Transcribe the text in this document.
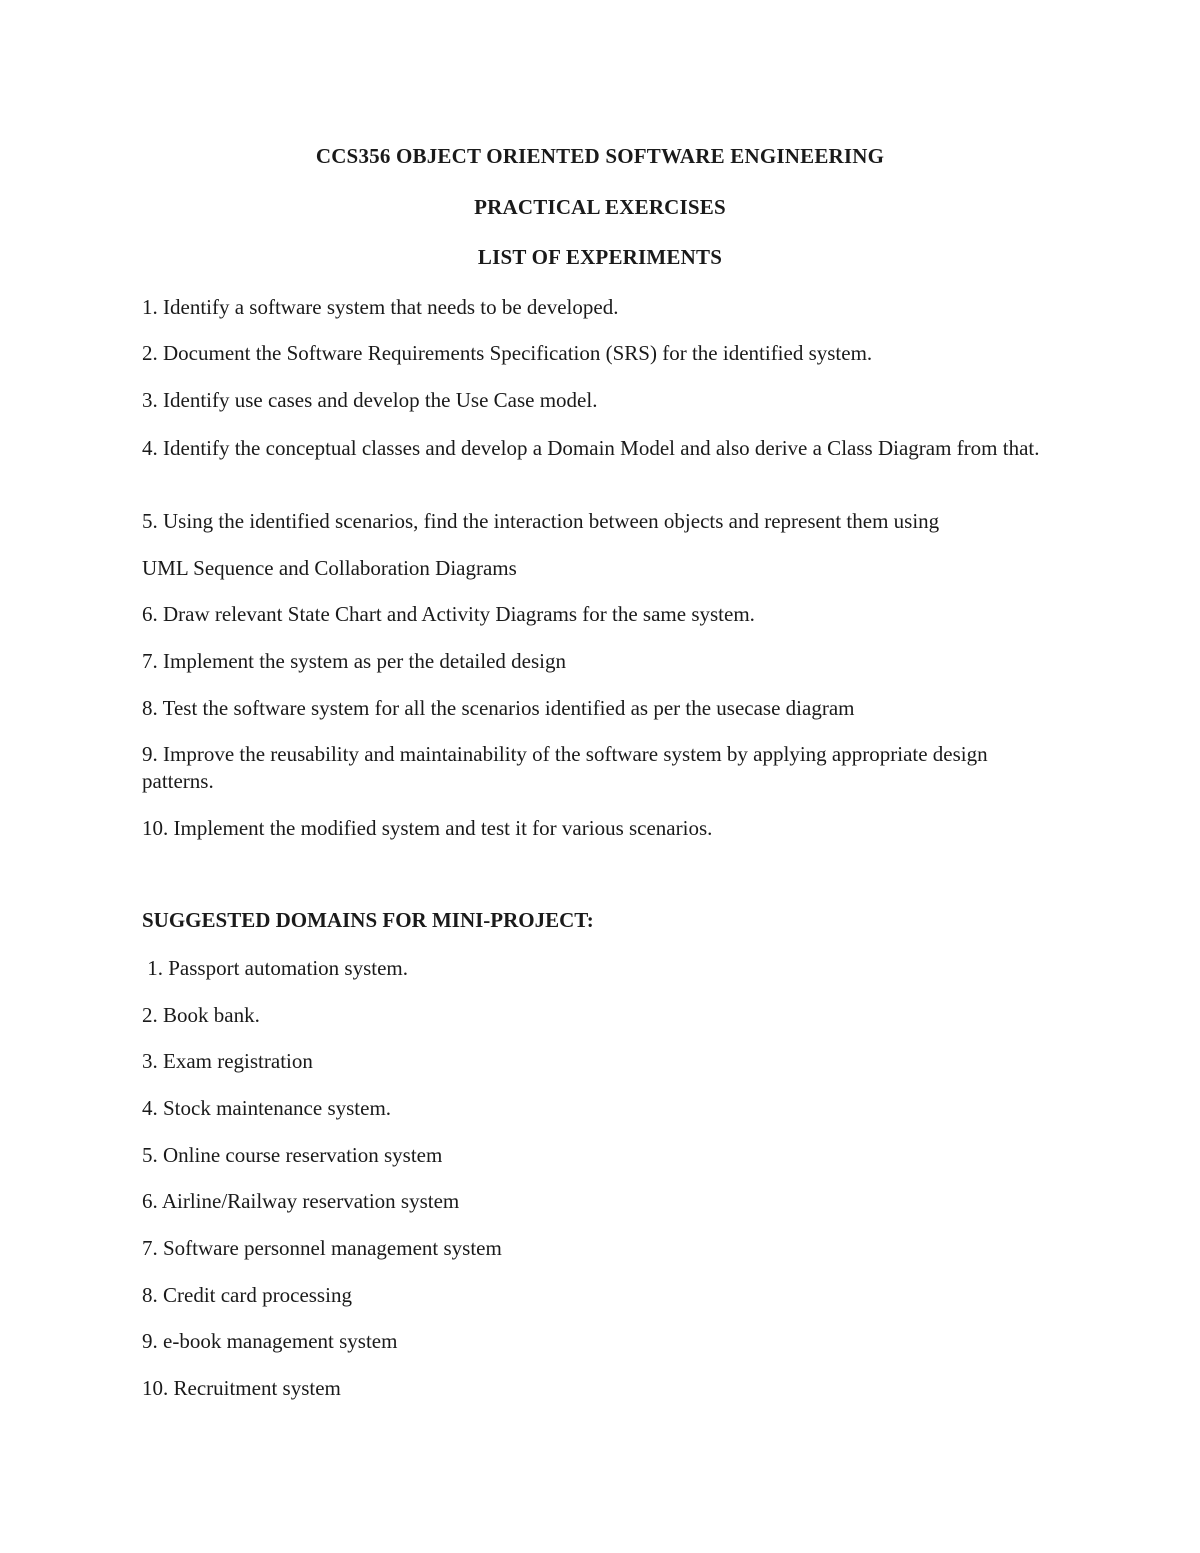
CCS356 OBJECT ORIENTED SOFTWARE ENGINEERING
PRACTICAL EXERCISES
LIST OF EXPERIMENTS
1. Identify a software system that needs to be developed.
2. Document the Software Requirements Specification (SRS) for the identified system.
3. Identify use cases and develop the Use Case model.
4. Identify the conceptual classes and develop a Domain Model and also derive a Class Diagram from that.
5. Using the identified scenarios, find the interaction between objects and represent them using
UML Sequence and Collaboration Diagrams
6. Draw relevant State Chart and Activity Diagrams for the same system.
7. Implement the system as per the detailed design
8. Test the software system for all the scenarios identified as per the usecase diagram
9. Improve the reusability and maintainability of the software system by applying appropriate design patterns.
10. Implement the modified system and test it for various scenarios.
SUGGESTED DOMAINS FOR MINI-PROJECT:
1. Passport automation system.
2. Book bank.
3. Exam registration
4. Stock maintenance system.
5. Online course reservation system
6. Airline/Railway reservation system
7. Software personnel management system
8. Credit card processing
9. e-book management system
10. Recruitment system
